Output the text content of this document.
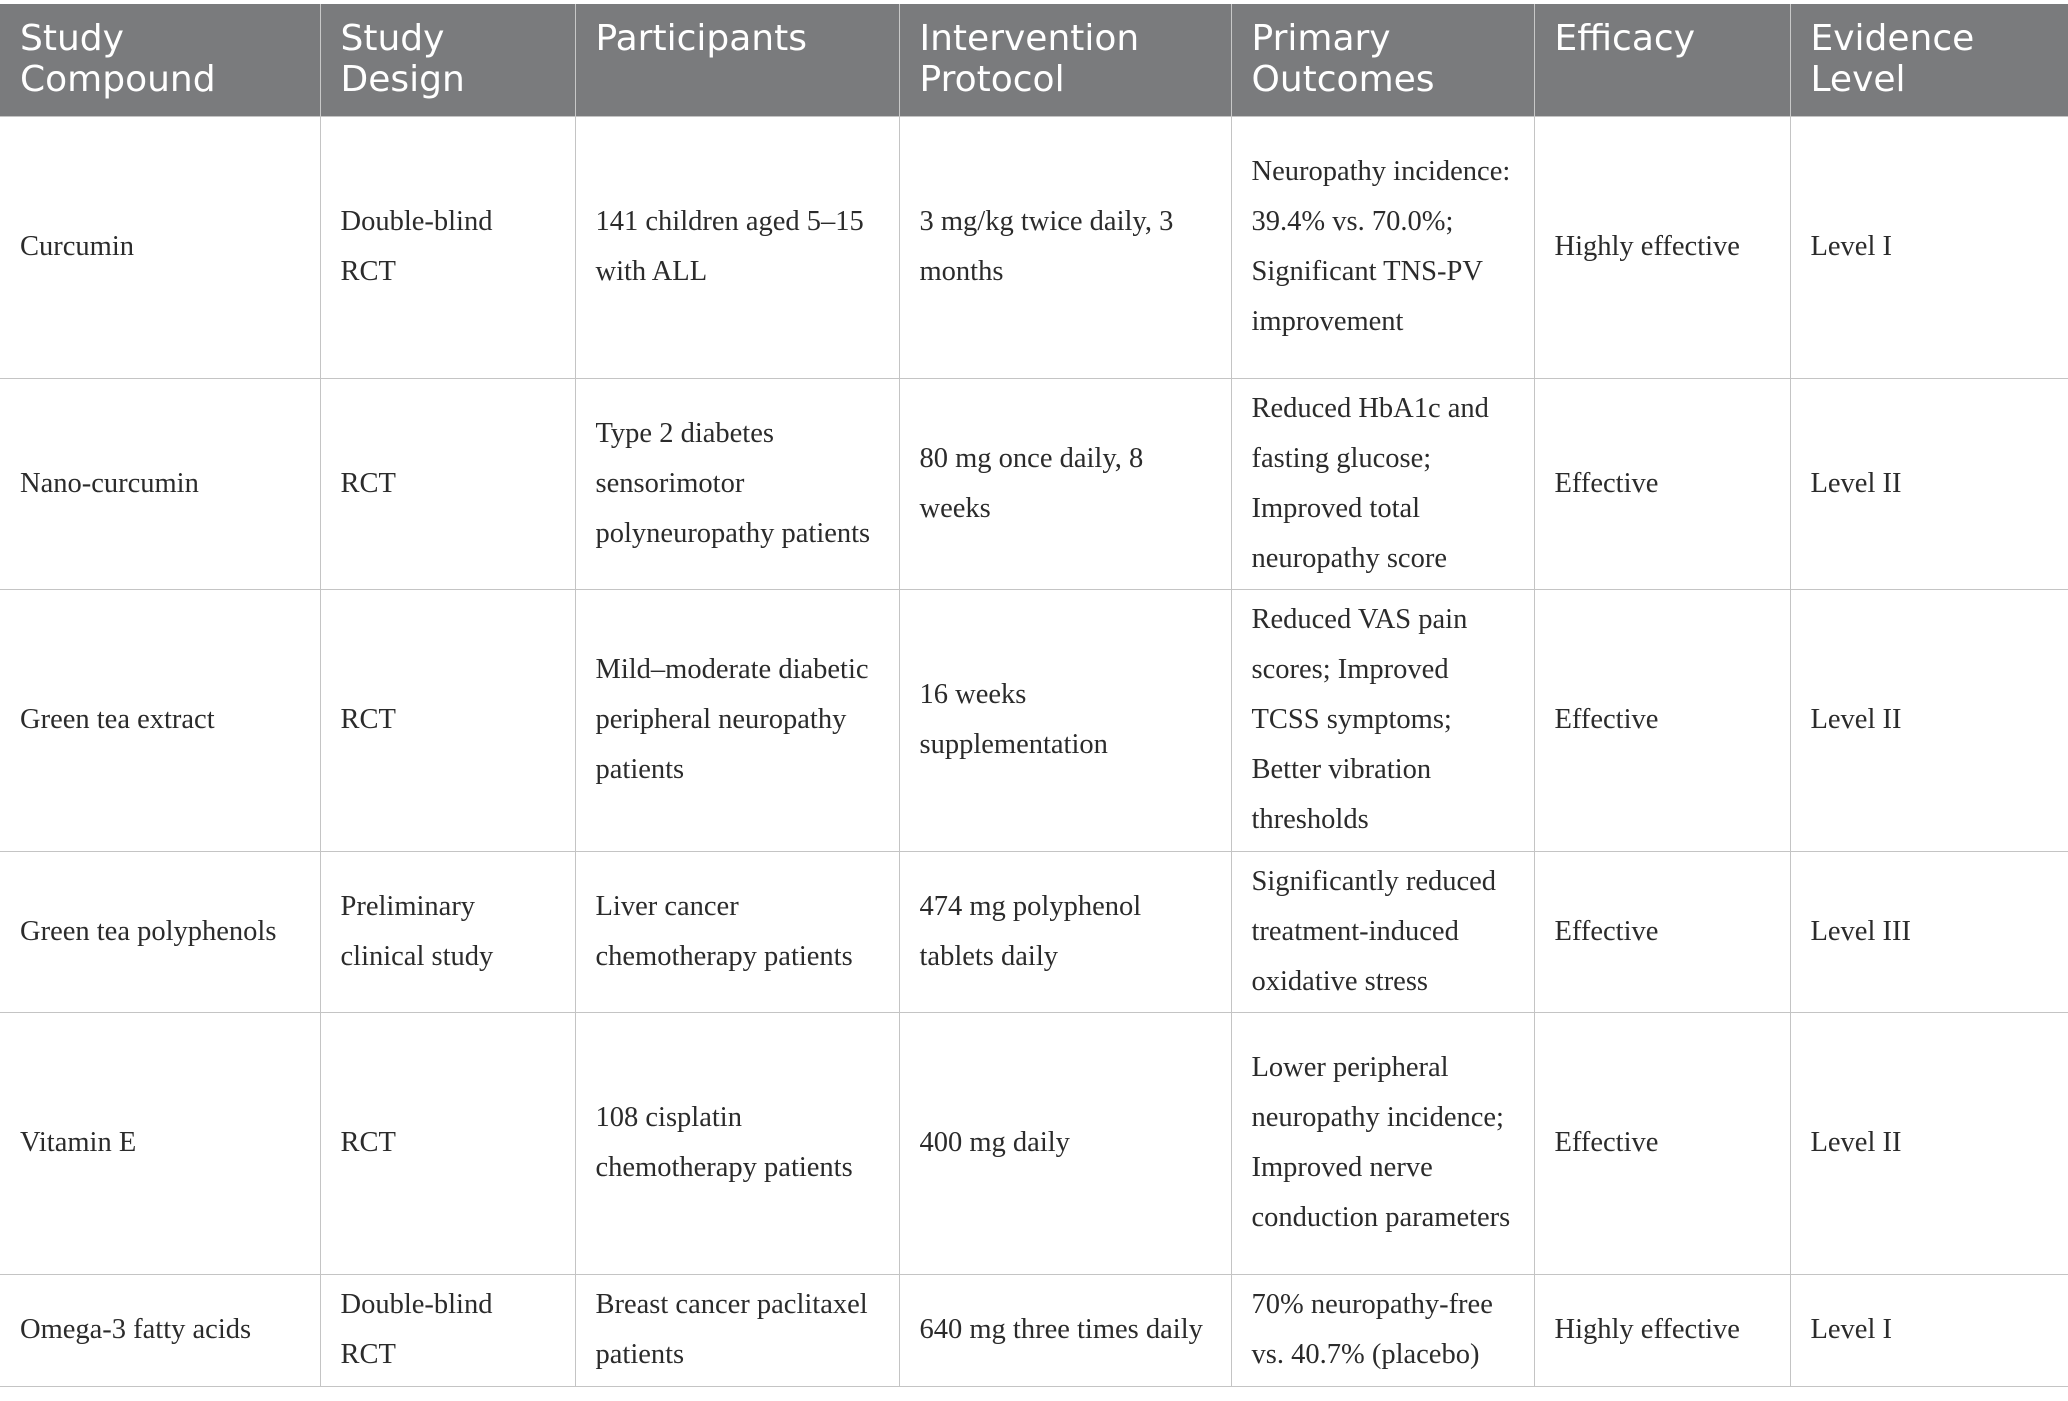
Study Compound	Study Design	Participants	Intervention Protocol	Primary Outcomes	Efficacy	Evidence Level
Curcumin	Double-blind RCT	141 children aged 5–15 with ALL	3 mg/kg twice daily, 3 months	Neuropathy incidence: 39.4% vs. 70.0%; Significant TNS-PV improvement	Highly effective	Level I
Nano-curcumin	RCT	Type 2 diabetes sensorimotor polyneuropathy patients	80 mg once daily, 8 weeks	Reduced HbA1c and fasting glucose; Improved total neuropathy score	Effective	Level II
Green tea extract	RCT	Mild–moderate diabetic peripheral neuropathy patients	16 weeks supplementation	Reduced VAS pain scores; Improved TCSS symptoms; Better vibration thresholds	Effective	Level II
Green tea polyphenols	Preliminary clinical study	Liver cancer chemotherapy patients	474 mg polyphenol tablets daily	Significantly reduced treatment-induced oxidative stress	Effective	Level III
Vitamin E	RCT	108 cisplatin chemotherapy patients	400 mg daily	Lower peripheral neuropathy incidence; Improved nerve conduction parameters	Effective	Level II
Omega-3 fatty acids	Double-blind RCT	Breast cancer paclitaxel patients	640 mg three times daily	70% neuropathy-free vs. 40.7% (placebo)	Highly effective	Level I
